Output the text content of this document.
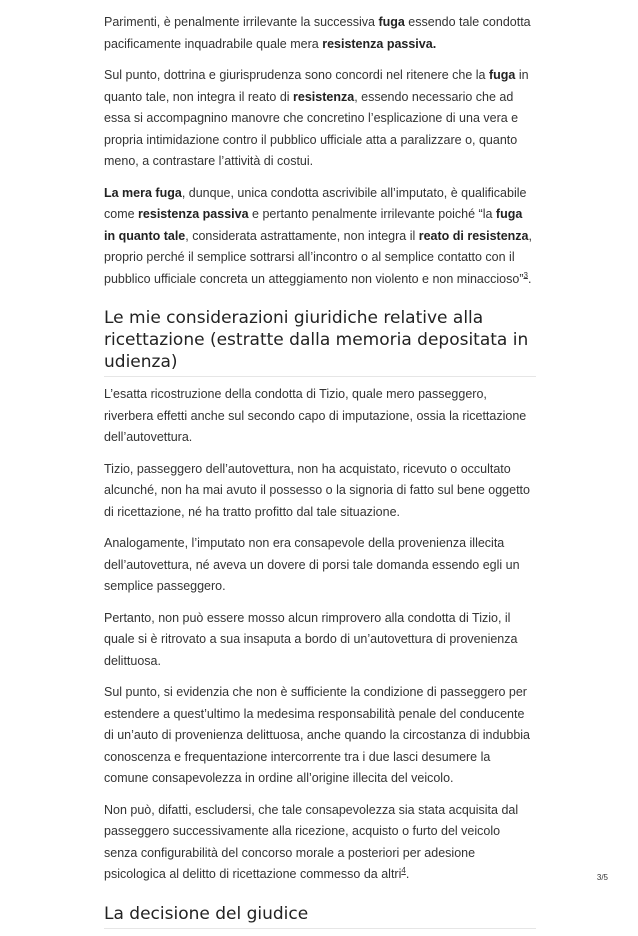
Parimenti, è penalmente irrilevante la successiva fuga essendo tale condotta pacificamente inquadrabile quale mera resistenza passiva.

Sul punto, dottrina e giurisprudenza sono concordi nel ritenere che la fuga in quanto tale, non integra il reato di resistenza, essendo necessario che ad essa si accompagnino manovre che concretino l’esplicazione di una vera e propria intimidazione contro il pubblico ufficiale atta a paralizzare o, quanto meno, a contrastare l’attività di costui.

La mera fuga, dunque, unica condotta ascrivibile all’imputato, è qualificabile come resistenza passiva e pertanto penalmente irrilevante poiché “la fuga in quanto tale, considerata astrattamente, non integra il reato di resistenza, proprio perché il semplice sottrarsi all’incontro o al semplice contatto con il pubblico ufficiale concreta un atteggiamento non violento e non minaccioso”$^3$.

Le mie considerazioni giuridiche relative alla ricettazione (estratte dalla memoria depositata in udienza)

L’esatta ricostruzione della condotta di Tizio, quale mero passeggero, riverbera effetti anche sul secondo capo di imputazione, ossia la ricettazione dell’autovettura.

Tizio, passeggero dell’autovettura, non ha acquistato, ricevuto o occultato alcunché, non ha mai avuto il possesso o la signoria di fatto sul bene oggetto di ricettazione, né ha tratto profitto dal tale situazione.

Analogamente, l’imputato non era consapevole della provenienza illecita dell’autovettura, né aveva un dovere di porsi tale domanda essendo egli un semplice passeggero.

Pertanto, non può essere mosso alcun rimprovero alla condotta di Tizio, il quale si è ritrovato a sua insaputa a bordo di un’autovettura di provenienza delittuosa.

Sul punto, si evidenzia che non è sufficiente la condizione di passeggero per estendere a quest’ultimo la medesima responsabilità penale del conducente di un’auto di provenienza delittuosa, anche quando la circostanza di indubbia conoscenza e frequentazione intercorrente tra i due lasci desumere la comune consapevolezza in ordine all’origine illecita del veicolo.

Non può, difatti, escludersi, che tale consapevolezza sia stata acquisita dal passeggero successivamente alla ricezione, acquisto o furto del veicolo senza configurabilità del concorso morale a posteriori per adesione psicologica al delitto di ricettazione commesso da altri$^4$.

La decisione del giudice
3/5
